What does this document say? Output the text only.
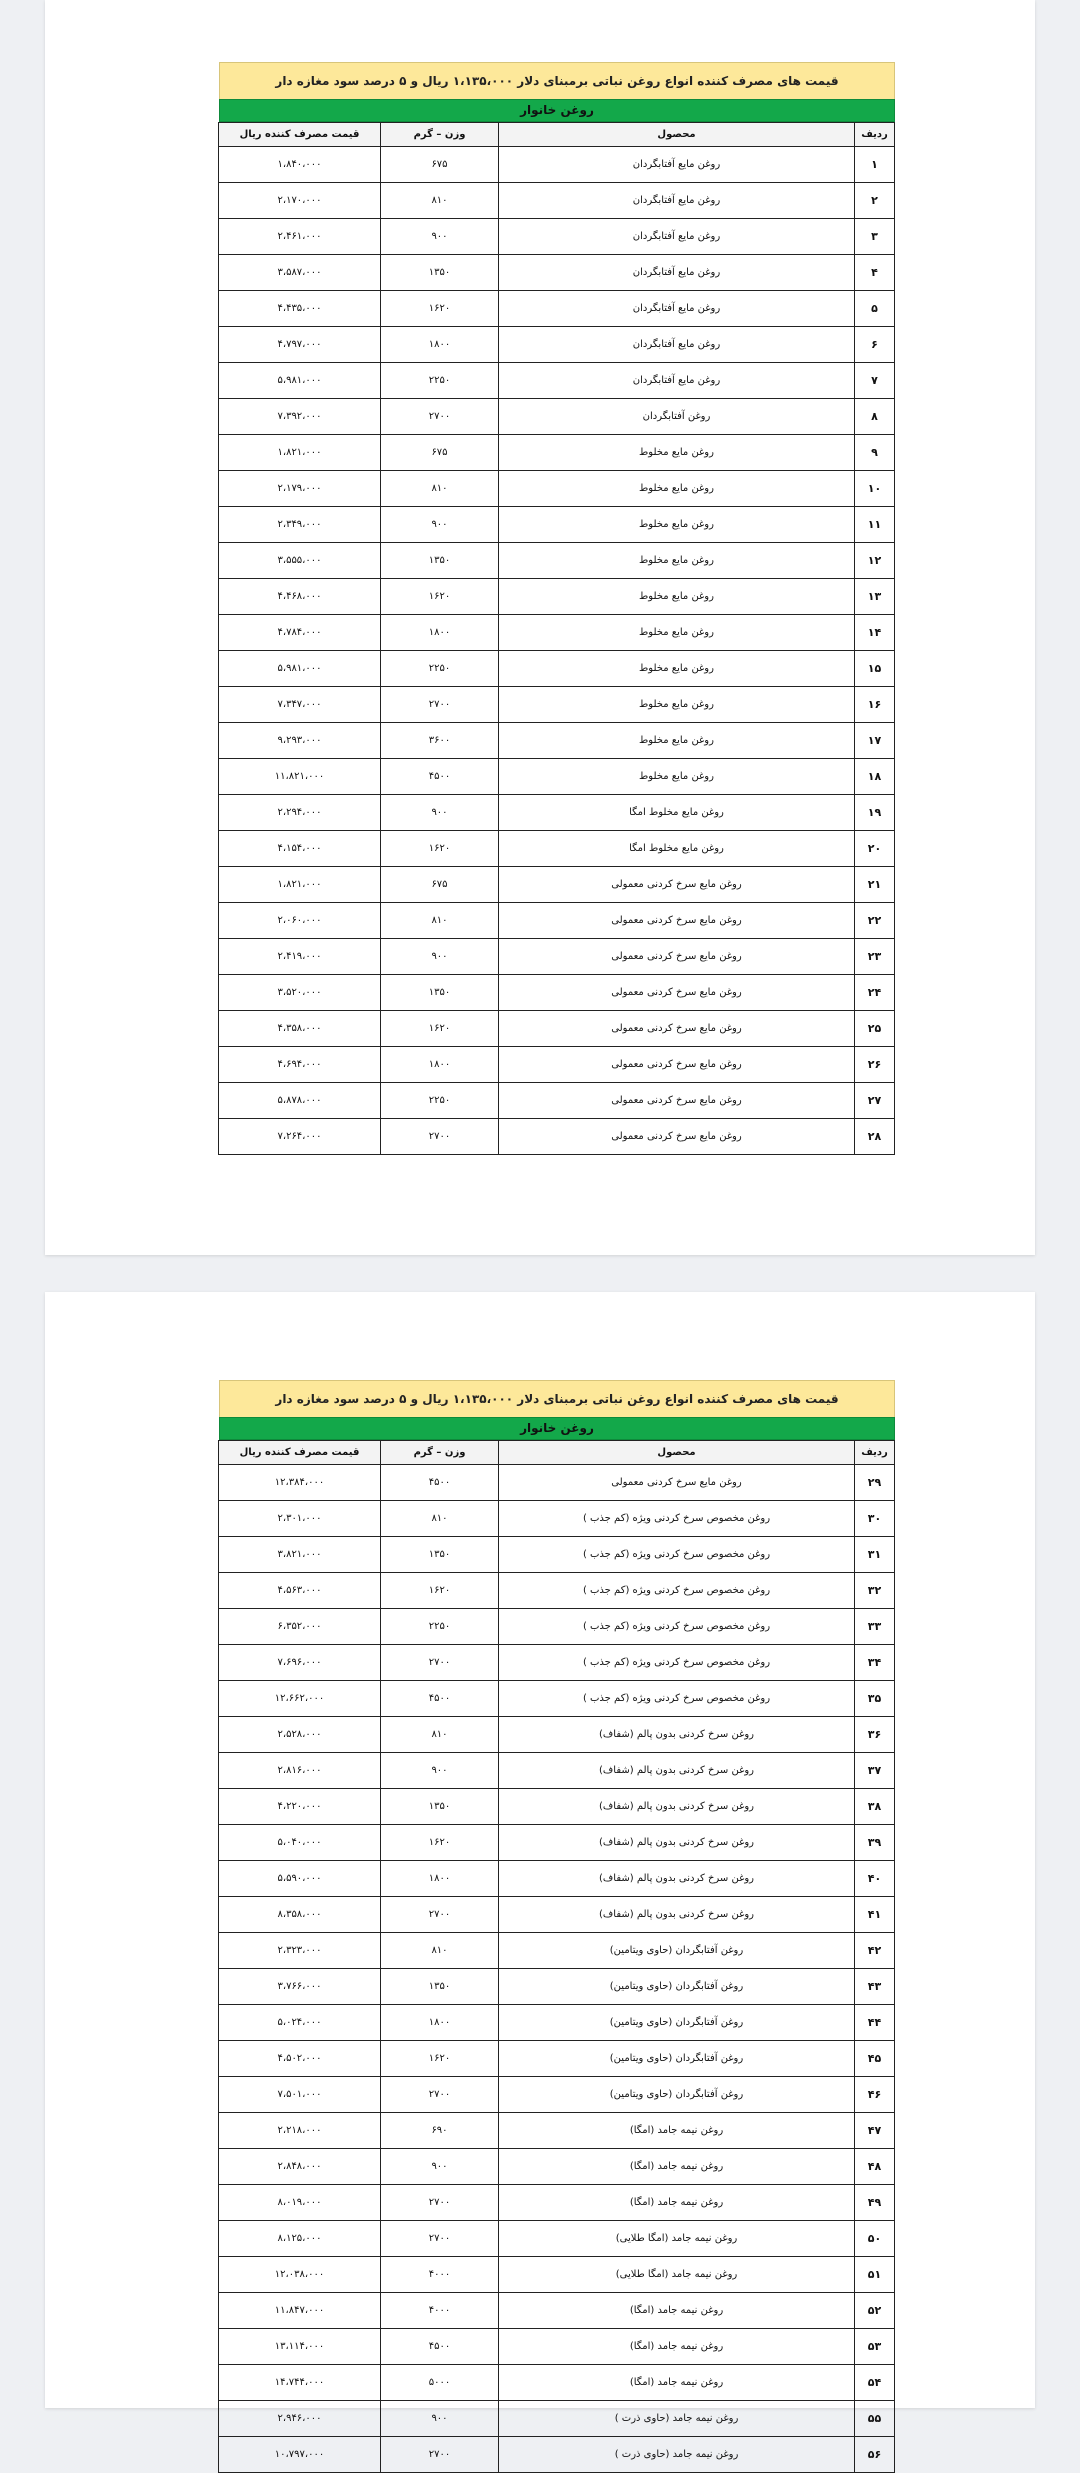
قیمت های مصرف کننده انواع روغن نباتی برمبنای دلار ۱،۱۳۵،۰۰۰ ریال و ۵ درصد سود مغازه دار
روغن خانوار
ردیف	محصول	وزن – گرم	قیمت مصرف کننده ریال
۱	روغن مایع آفتابگردان	۶۷۵	۱،۸۴۰،۰۰۰
۲	روغن مایع آفتابگردان	۸۱۰	۲،۱۷۰،۰۰۰
۳	روغن مایع آفتابگردان	۹۰۰	۲،۴۶۱،۰۰۰
۴	روغن مایع آفتابگردان	۱۳۵۰	۳،۵۸۷،۰۰۰
۵	روغن مایع آفتابگردان	۱۶۲۰	۴،۴۳۵،۰۰۰
۶	روغن مایع آفتابگردان	۱۸۰۰	۴،۷۹۷،۰۰۰
۷	روغن مایع آفتابگردان	۲۲۵۰	۵،۹۸۱،۰۰۰
۸	روغن آفتابگردان	۲۷۰۰	۷،۳۹۲،۰۰۰
۹	روغن مایع مخلوط	۶۷۵	۱،۸۲۱،۰۰۰
۱۰	روغن مایع مخلوط	۸۱۰	۲،۱۷۹،۰۰۰
۱۱	روغن مایع مخلوط	۹۰۰	۲،۳۴۹،۰۰۰
۱۲	روغن مایع مخلوط	۱۳۵۰	۳،۵۵۵،۰۰۰
۱۳	روغن مایع مخلوط	۱۶۲۰	۴،۴۶۸،۰۰۰
۱۴	روغن مایع مخلوط	۱۸۰۰	۴،۷۸۴،۰۰۰
۱۵	روغن مایع مخلوط	۲۲۵۰	۵،۹۸۱،۰۰۰
۱۶	روغن مایع مخلوط	۲۷۰۰	۷،۳۴۷،۰۰۰
۱۷	روغن مایع مخلوط	۳۶۰۰	۹،۲۹۳،۰۰۰
۱۸	روغن مایع مخلوط	۴۵۰۰	۱۱،۸۲۱،۰۰۰
۱۹	روغن مایع مخلوط امگا	۹۰۰	۲،۲۹۴،۰۰۰
۲۰	روغن مایع مخلوط امگا	۱۶۲۰	۴،۱۵۴،۰۰۰
۲۱	روغن مایع سرخ کردنی معمولی	۶۷۵	۱،۸۲۱،۰۰۰
۲۲	روغن مایع سرخ کردنی معمولی	۸۱۰	۲،۰۶۰،۰۰۰
۲۳	روغن مایع سرخ کردنی معمولی	۹۰۰	۲،۴۱۹،۰۰۰
۲۴	روغن مایع سرخ کردنی معمولی	۱۳۵۰	۳،۵۲۰،۰۰۰
۲۵	روغن مایع سرخ کردنی معمولی	۱۶۲۰	۴،۳۵۸،۰۰۰
۲۶	روغن مایع سرخ کردنی معمولی	۱۸۰۰	۴،۶۹۴،۰۰۰
۲۷	روغن مایع سرخ کردنی معمولی	۲۲۵۰	۵،۸۷۸،۰۰۰
۲۸	روغن مایع سرخ کردنی معمولی	۲۷۰۰	۷،۲۶۴،۰۰۰
قیمت های مصرف کننده انواع روغن نباتی برمبنای دلار ۱،۱۳۵،۰۰۰ ریال و ۵ درصد سود مغازه دار
روغن خانوار
ردیف	محصول	وزن – گرم	قیمت مصرف کننده ریال
۲۹	روغن مایع سرخ کردنی معمولی	۴۵۰۰	۱۲،۳۸۴،۰۰۰
۳۰	روغن مخصوص سرخ کردنی ویژه (کم جذب )	۸۱۰	۲،۳۰۱،۰۰۰
۳۱	روغن مخصوص سرخ کردنی ویژه (کم جذب )	۱۳۵۰	۳،۸۲۱،۰۰۰
۳۲	روغن مخصوص سرخ کردنی ویژه (کم جذب )	۱۶۲۰	۴،۵۶۳،۰۰۰
۳۳	روغن مخصوص سرخ کردنی ویژه (کم جذب )	۲۲۵۰	۶،۳۵۲،۰۰۰
۳۴	روغن مخصوص سرخ کردنی ویژه (کم جذب )	۲۷۰۰	۷،۶۹۶،۰۰۰
۳۵	روغن مخصوص سرخ کردنی ویژه (کم جذب )	۴۵۰۰	۱۲،۶۶۲،۰۰۰
۳۶	روغن سرخ کردنی بدون پالم (شفاف)	۸۱۰	۲،۵۲۸،۰۰۰
۳۷	روغن سرخ کردنی بدون پالم (شفاف)	۹۰۰	۲،۸۱۶،۰۰۰
۳۸	روغن سرخ کردنی بدون پالم (شفاف)	۱۳۵۰	۴،۲۲۰،۰۰۰
۳۹	روغن سرخ کردنی بدون پالم (شفاف)	۱۶۲۰	۵،۰۴۰،۰۰۰
۴۰	روغن سرخ کردنی بدون پالم (شفاف)	۱۸۰۰	۵،۵۹۰،۰۰۰
۴۱	روغن سرخ کردنی بدون پالم (شفاف)	۲۷۰۰	۸،۳۵۸،۰۰۰
۴۲	روغن آفتابگردان (حاوی ویتامین)	۸۱۰	۲،۳۲۳،۰۰۰
۴۳	روغن آفتابگردان (حاوی ویتامین)	۱۳۵۰	۳،۷۶۶،۰۰۰
۴۴	روغن آفتابگردان (حاوی ویتامین)	۱۸۰۰	۵،۰۲۴،۰۰۰
۴۵	روغن آفتابگردان (حاوی ویتامین)	۱۶۲۰	۴،۵۰۲،۰۰۰
۴۶	روغن آفتابگردان (حاوی ویتامین)	۲۷۰۰	۷،۵۰۱،۰۰۰
۴۷	روغن نیمه جامد (امگا)	۶۹۰	۲،۲۱۸،۰۰۰
۴۸	روغن نیمه جامد (امگا)	۹۰۰	۲،۸۴۸،۰۰۰
۴۹	روغن نیمه جامد (امگا)	۲۷۰۰	۸،۰۱۹،۰۰۰
۵۰	روغن نیمه جامد (امگا طلایی)	۲۷۰۰	۸،۱۲۵،۰۰۰
۵۱	روغن نیمه جامد (امگا طلایی)	۴۰۰۰	۱۲،۰۳۸،۰۰۰
۵۲	روغن نیمه جامد (امگا)	۴۰۰۰	۱۱،۸۴۷،۰۰۰
۵۳	روغن نیمه جامد (امگا)	۴۵۰۰	۱۳،۱۱۴،۰۰۰
۵۴	روغن نیمه جامد (امگا)	۵۰۰۰	۱۴،۷۴۴،۰۰۰
۵۵	روغن نیمه جامد (حاوی ذرت )	۹۰۰	۲،۹۴۶،۰۰۰
۵۶	روغن نیمه جامد (حاوی ذرت )	۲۷۰۰	۱۰،۷۹۷،۰۰۰
